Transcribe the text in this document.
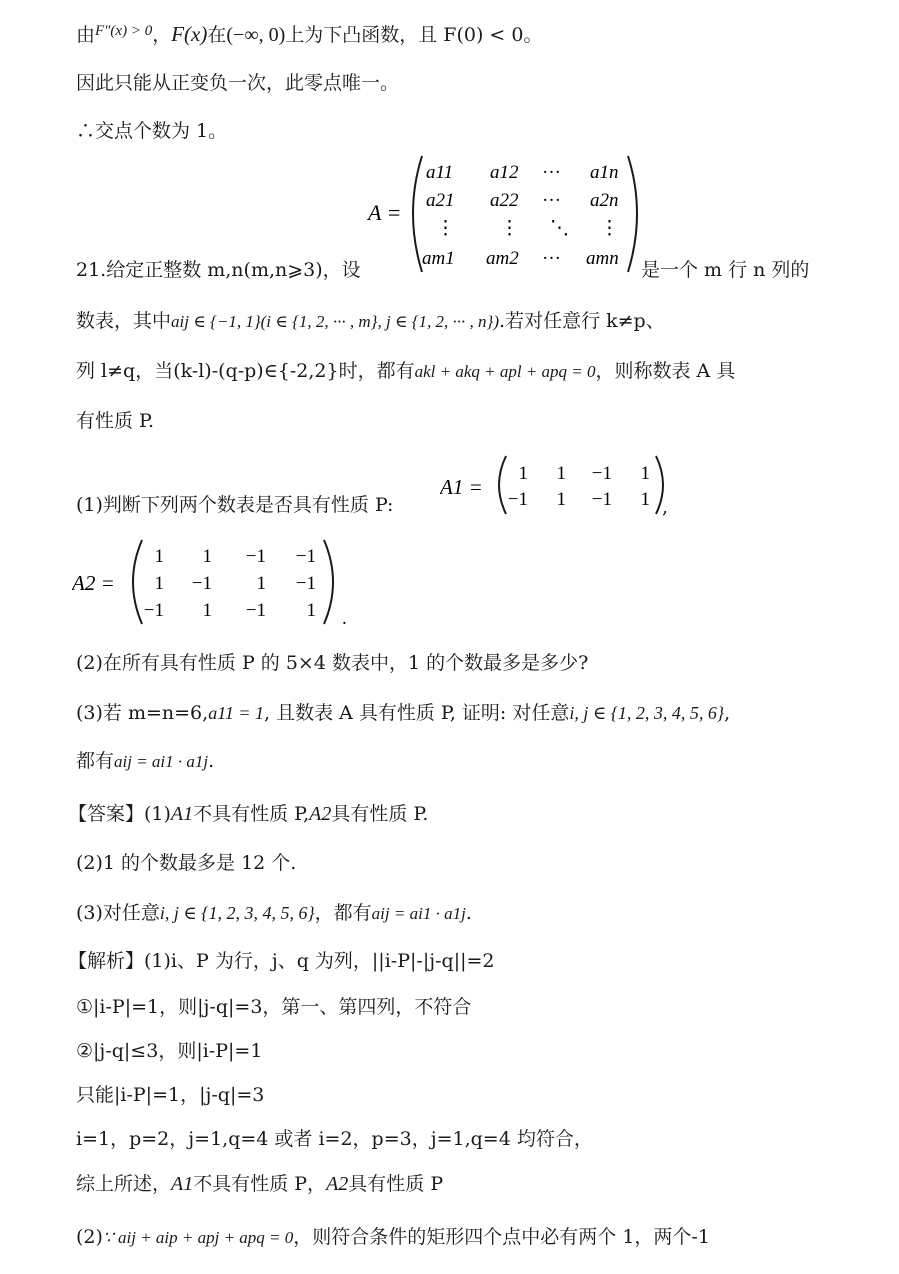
由$^{F''(x) > 0}$，F(x)在(−∞, 0)上为下凸函数，且 F(0) < 0。
因此只能从正变负一次，此零点唯一。
∴交点个数为 1。
A =
a11 a12 ··· a1n
a21 a22 ··· a2n
⋮ ⋮ ⋱ ⋮
am1 am2 ··· amn
21.给定正整数 m,n(m,n⩾3)，设	是一个 m 行 n 列的
数表，其中aij ∈ {−1, 1}(i ∈ {1, 2, ··· , m}, j ∈ {1, 2, ··· , n}).若对任意行 k≠p、
列 l≠q，当(k-l)-(q-p)∈{-2,2}时，都有akl + akq + apl + apq = 0，则称数表 A 具
有性质 P.
(1)判断下列两个数表是否具有性质 P:
A1 =
1 1 −1 1
−1 1 −1 1 ,
A2 =
1 1 −1 −1
1 −1 1 −1
−1 1 −1 1 .
(2)在所有具有性质 P 的 5×4 数表中，1 的个数最多是多少?
(3)若 m=n=6,a11 = 1, 且数表 A 具有性质 P, 证明: 对任意i, j ∈ {1, 2, 3, 4, 5, 6},
都有aij = ai1 · a1j.
【答案】(1)A1不具有性质 P,A2具有性质 P.
(2)1 的个数最多是 12 个.
(3)对任意i, j ∈ {1, 2, 3, 4, 5, 6}，都有aij = ai1 · a1j.
【解析】(1)i、P 为行，j、q 为列，||i-P|-|j-q||=2
①|i-P|=1，则|j-q|=3，第一、第四列，不符合
②|j-q|≤3，则|i-P|=1
只能|i-P|=1，|j-q|=3
i=1，p=2，j=1,q=4 或者 i=2，p=3，j=1,q=4 均符合，
综上所述，A1不具有性质 P，A2具有性质 P
(2)∵ aij + aip + apj + apq = 0，则符合条件的矩形四个点中必有两个 1，两个-1
